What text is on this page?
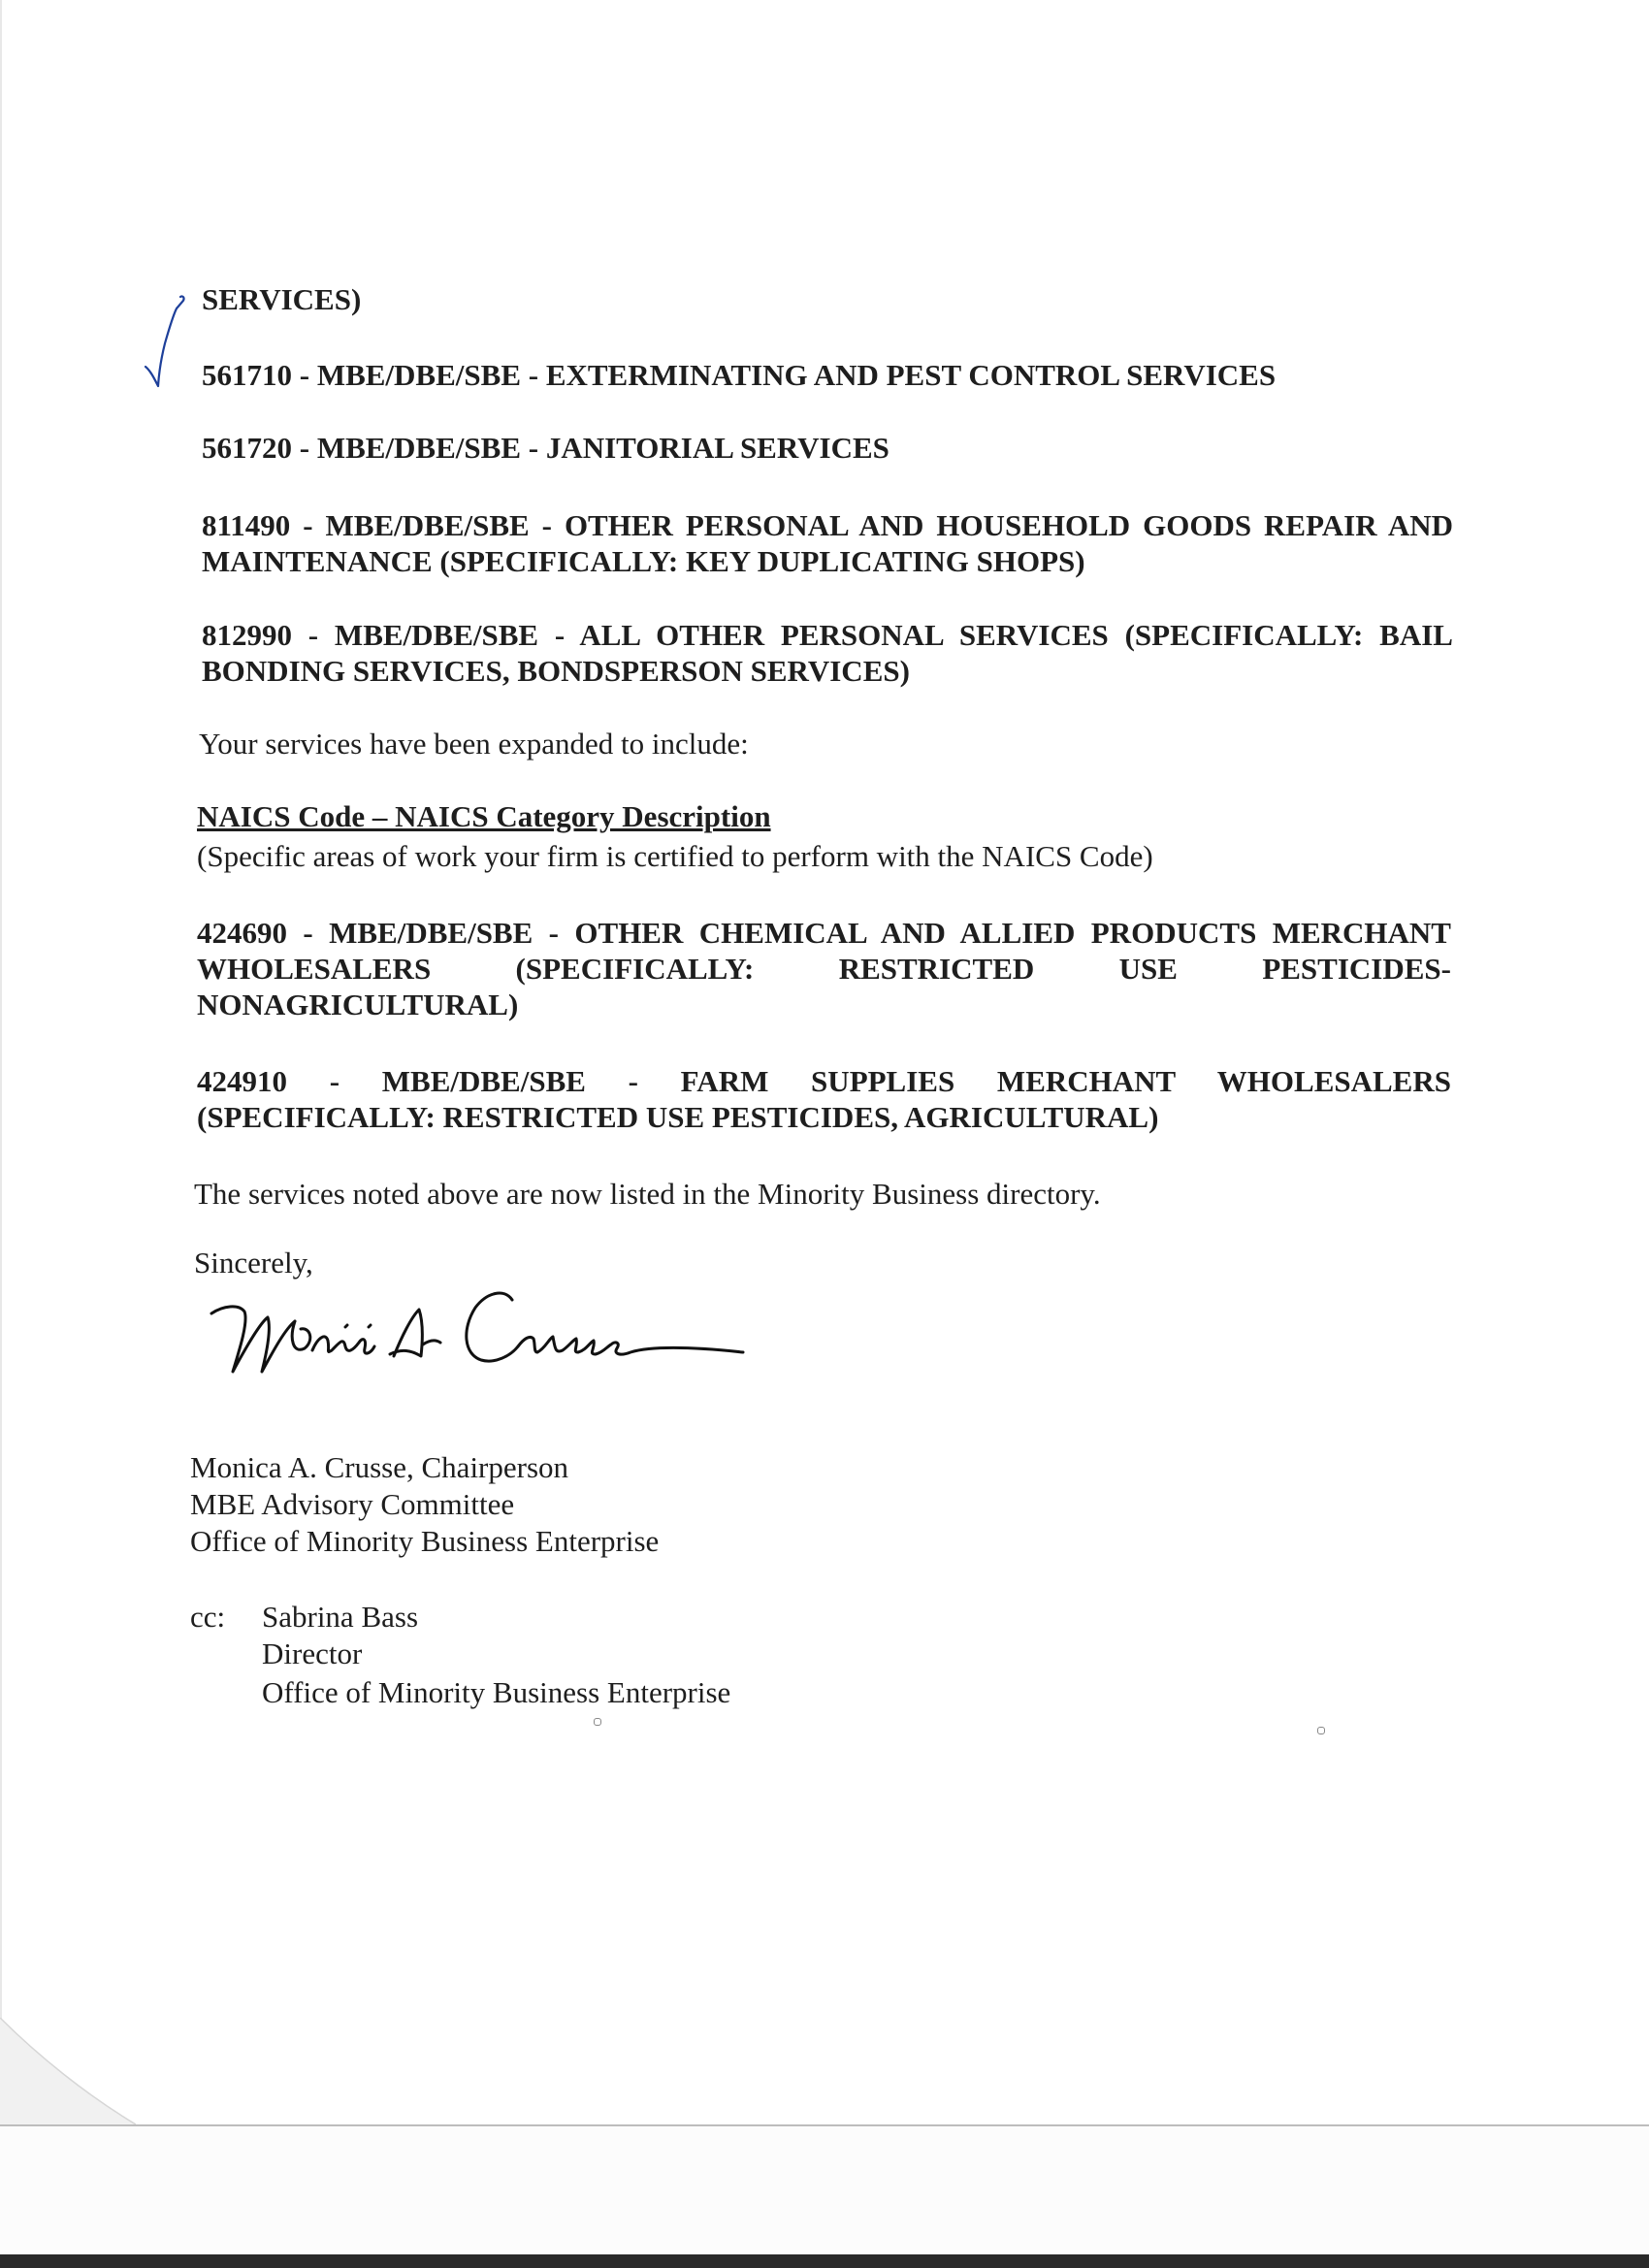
SERVICES)
561710 - MBE/DBE/SBE - EXTERMINATING AND PEST CONTROL SERVICES
561720 - MBE/DBE/SBE - JANITORIAL SERVICES
811490 - MBE/DBE/SBE - OTHER PERSONAL AND HOUSEHOLD GOODS REPAIR AND MAINTENANCE (SPECIFICALLY: KEY DUPLICATING SHOPS)
812990 - MBE/DBE/SBE - ALL OTHER PERSONAL SERVICES (SPECIFICALLY: BAIL BONDING SERVICES, BONDSPERSON SERVICES)
Your services have been expanded to include:
NAICS Code – NAICS Category Description
(Specific areas of work your firm is certified to perform with the NAICS Code)
424690 - MBE/DBE/SBE - OTHER CHEMICAL AND ALLIED PRODUCTS MERCHANT WHOLESALERS (SPECIFICALLY: RESTRICTED USE PESTICIDES-NONAGRICULTURAL)
424910 - MBE/DBE/SBE - FARM SUPPLIES MERCHANT WHOLESALERS (SPECIFICALLY: RESTRICTED USE PESTICIDES, AGRICULTURAL)
The services noted above are now listed in the Minority Business directory.
Sincerely,
Monica A. Crusse, Chairperson
MBE Advisory Committee
Office of Minority Business Enterprise
cc:	Sabrina Bass
Director
Office of Minority Business Enterprise
